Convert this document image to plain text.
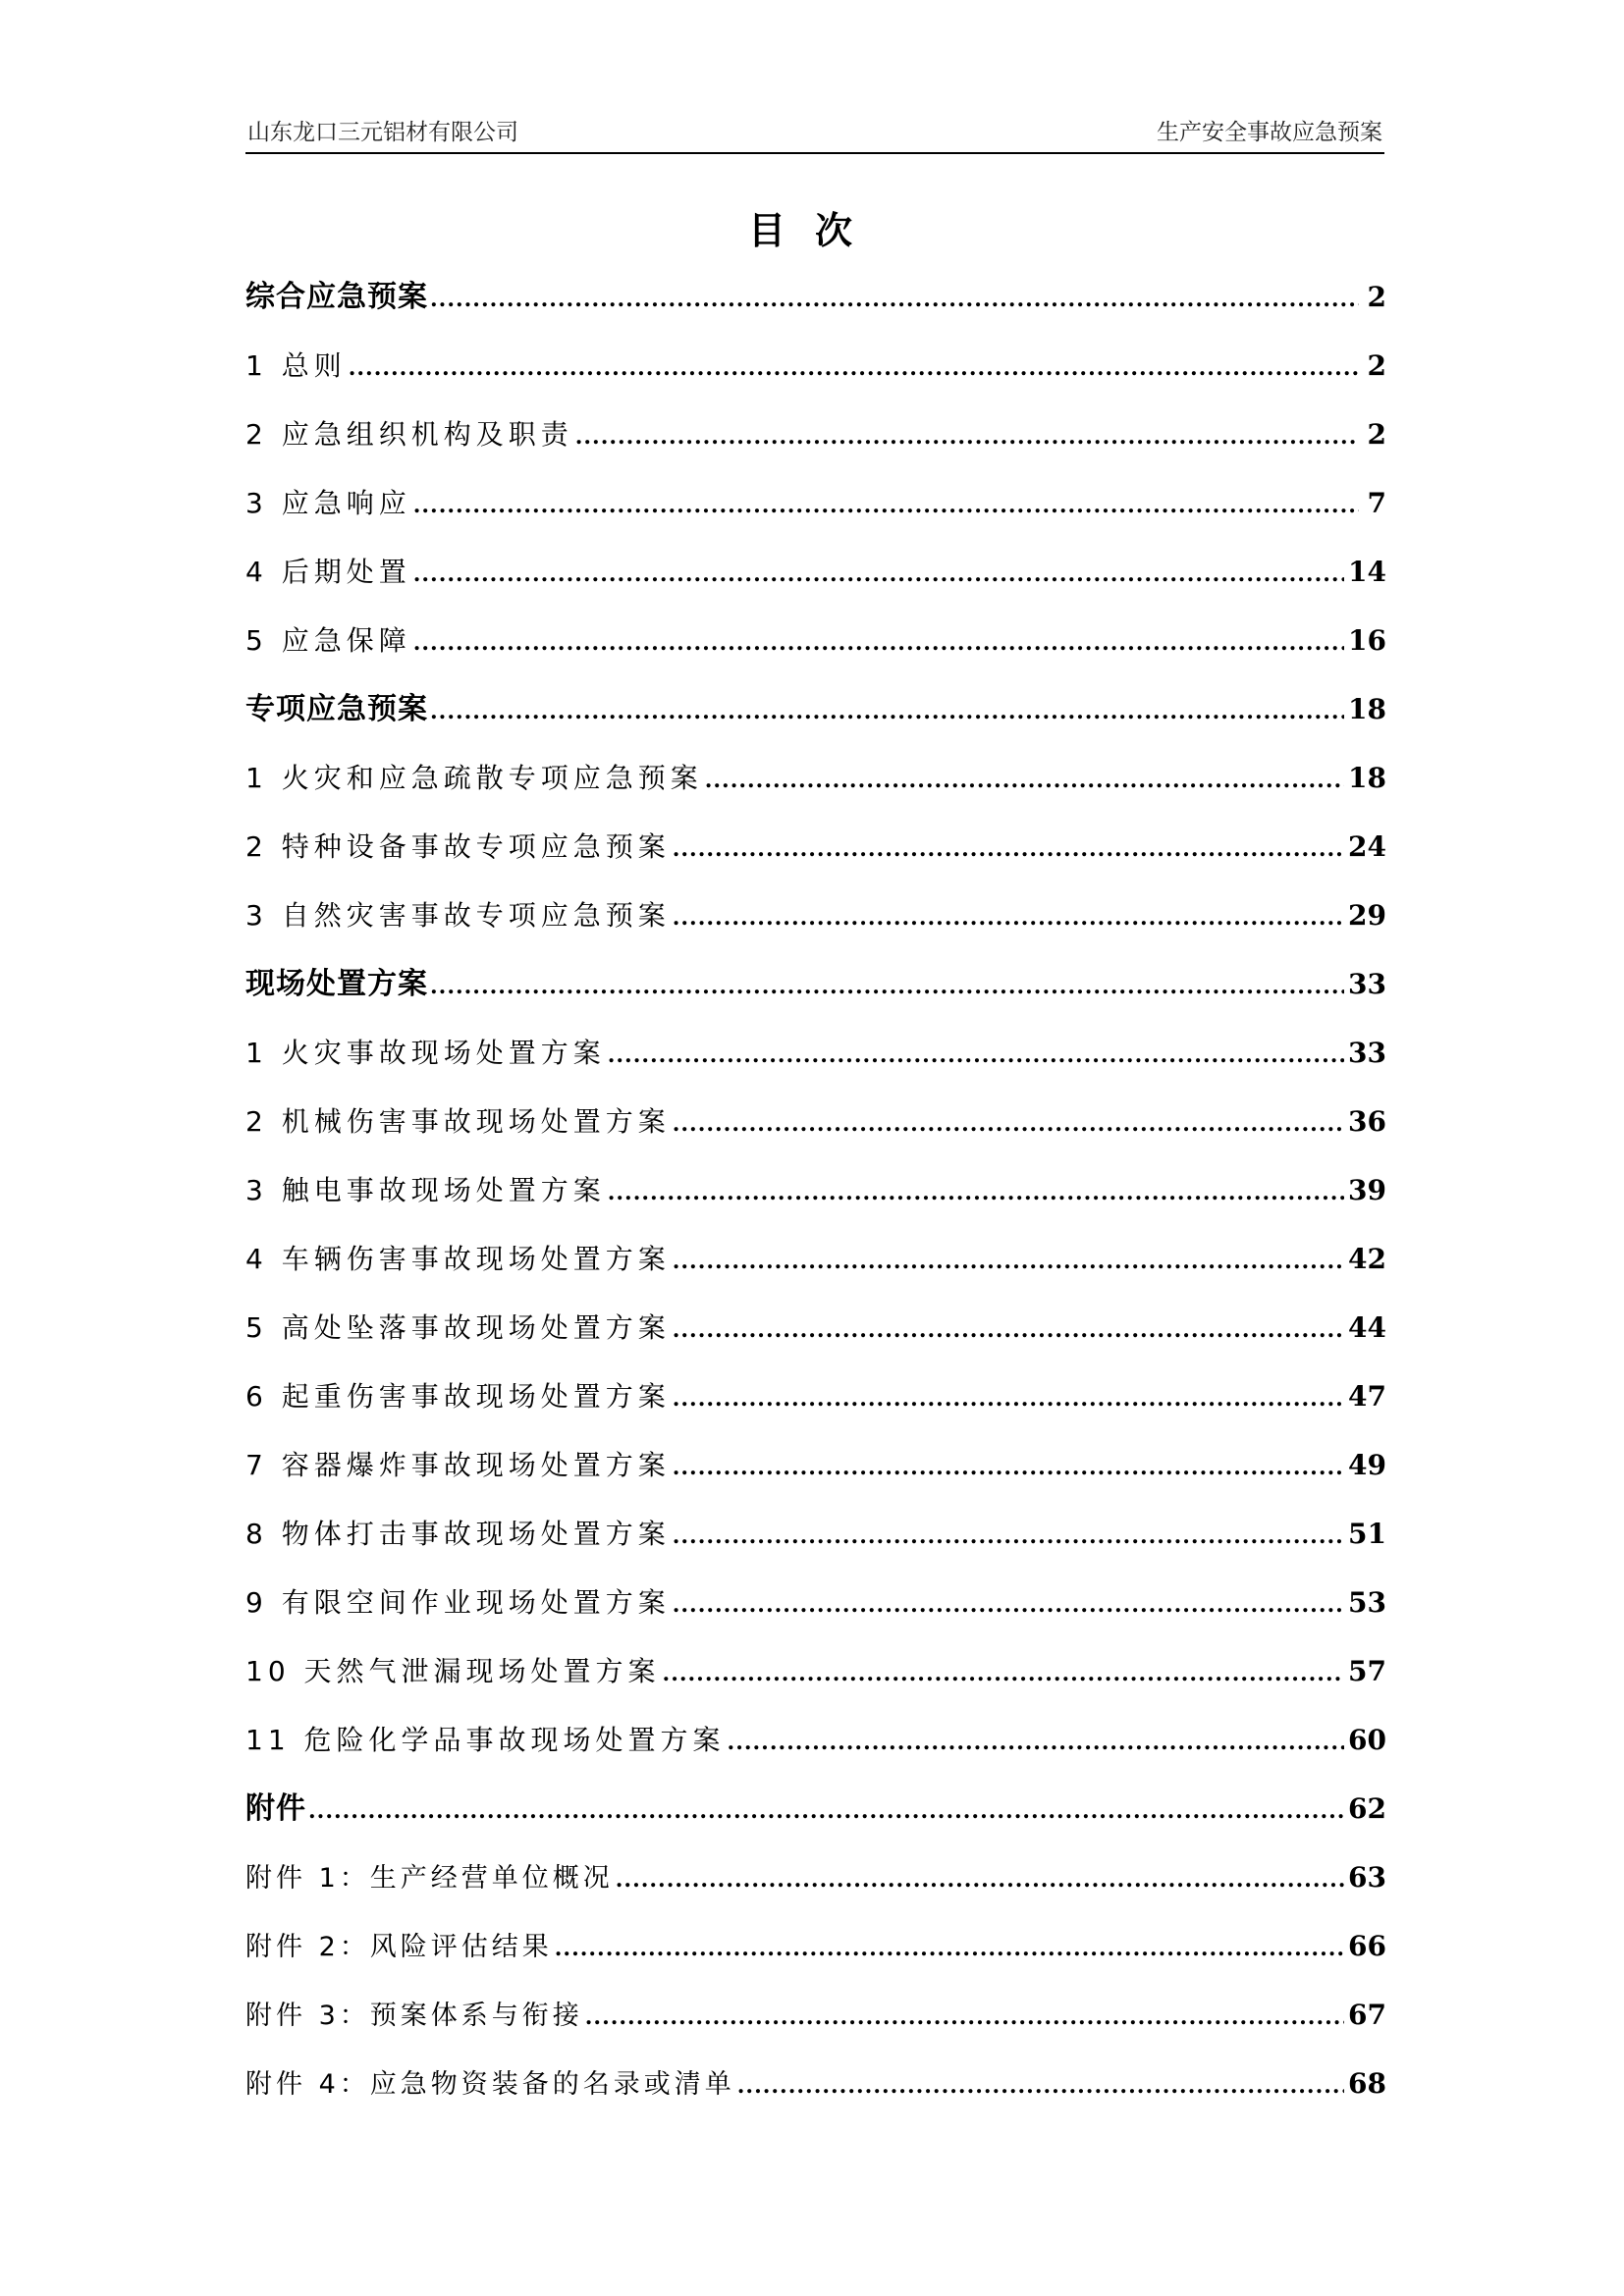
山东龙口三元铝材有限公司	生产安全事故应急预案
目次
综合应急预案 .....	2
1 总则 .....	2
2 应急组织机构及职责 .....	2
3 应急响应 .....	7
4 后期处置 .....	14
5 应急保障 .....	16
专项应急预案 .....	18
1 火灾和应急疏散专项应急预案 .....	18
2 特种设备事故专项应急预案 .....	24
3 自然灾害事故专项应急预案 .....	29
现场处置方案 .....	33
1 火灾事故现场处置方案 .....	33
2 机械伤害事故现场处置方案 .....	36
3 触电事故现场处置方案 .....	39
4 车辆伤害事故现场处置方案 .....	42
5 高处坠落事故现场处置方案 .....	44
6 起重伤害事故现场处置方案 .....	47
7 容器爆炸事故现场处置方案 .....	49
8 物体打击事故现场处置方案 .....	51
9 有限空间作业现场处置方案 .....	53
10 天然气泄漏现场处置方案 .....	57
11 危险化学品事故现场处置方案 .....	60
附件 .....	62
附件 1：生产经营单位概况 .....	63
附件 2：风险评估结果 .....	66
附件 3：预案体系与衔接 .....	67
附件 4：应急物资装备的名录或清单 .....	68
